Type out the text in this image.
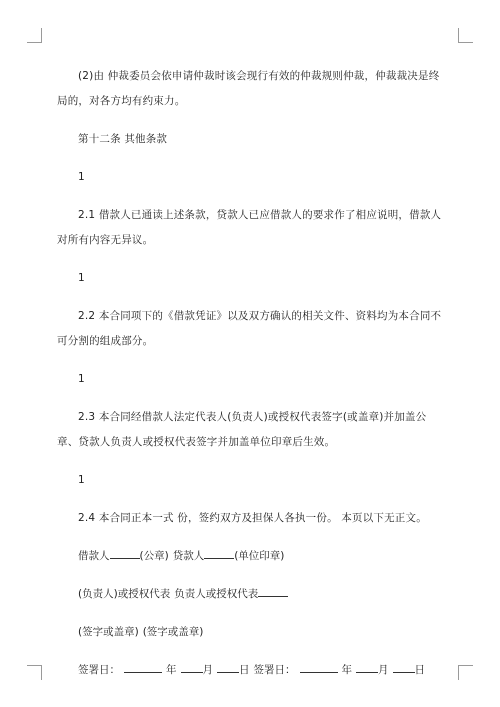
(2)由 仲裁委员会依申请仲裁时该会现行有效的仲裁规则仲裁，仲裁裁决是终局的，对各方均有约束力。

第十二条 其他条款

1

2.1 借款人已通读上述条款，贷款人已应借款人的要求作了相应说明，借款人对所有内容无异议。

1

2.2 本合同项下的《借款凭证》以及双方确认的相关文件、资料均为本合同不可分割的组成部分。

1

2.3 本合同经借款人法定代表人(负责人)或授权代表签字(或盖章)并加盖公章、贷款人负责人或授权代表签字并加盖单位印章后生效。

1

2.4 本合同正本一式 份，签约双方及担保人各执一份。 本页以下无正文。

借款人	(公章) 贷款人	(单位印章)
(负责人)或授权代表 负责人或授权代表
(签字或盖章) (签字或盖章)
签署日：	年 月 日 签署日：	年 月 日
